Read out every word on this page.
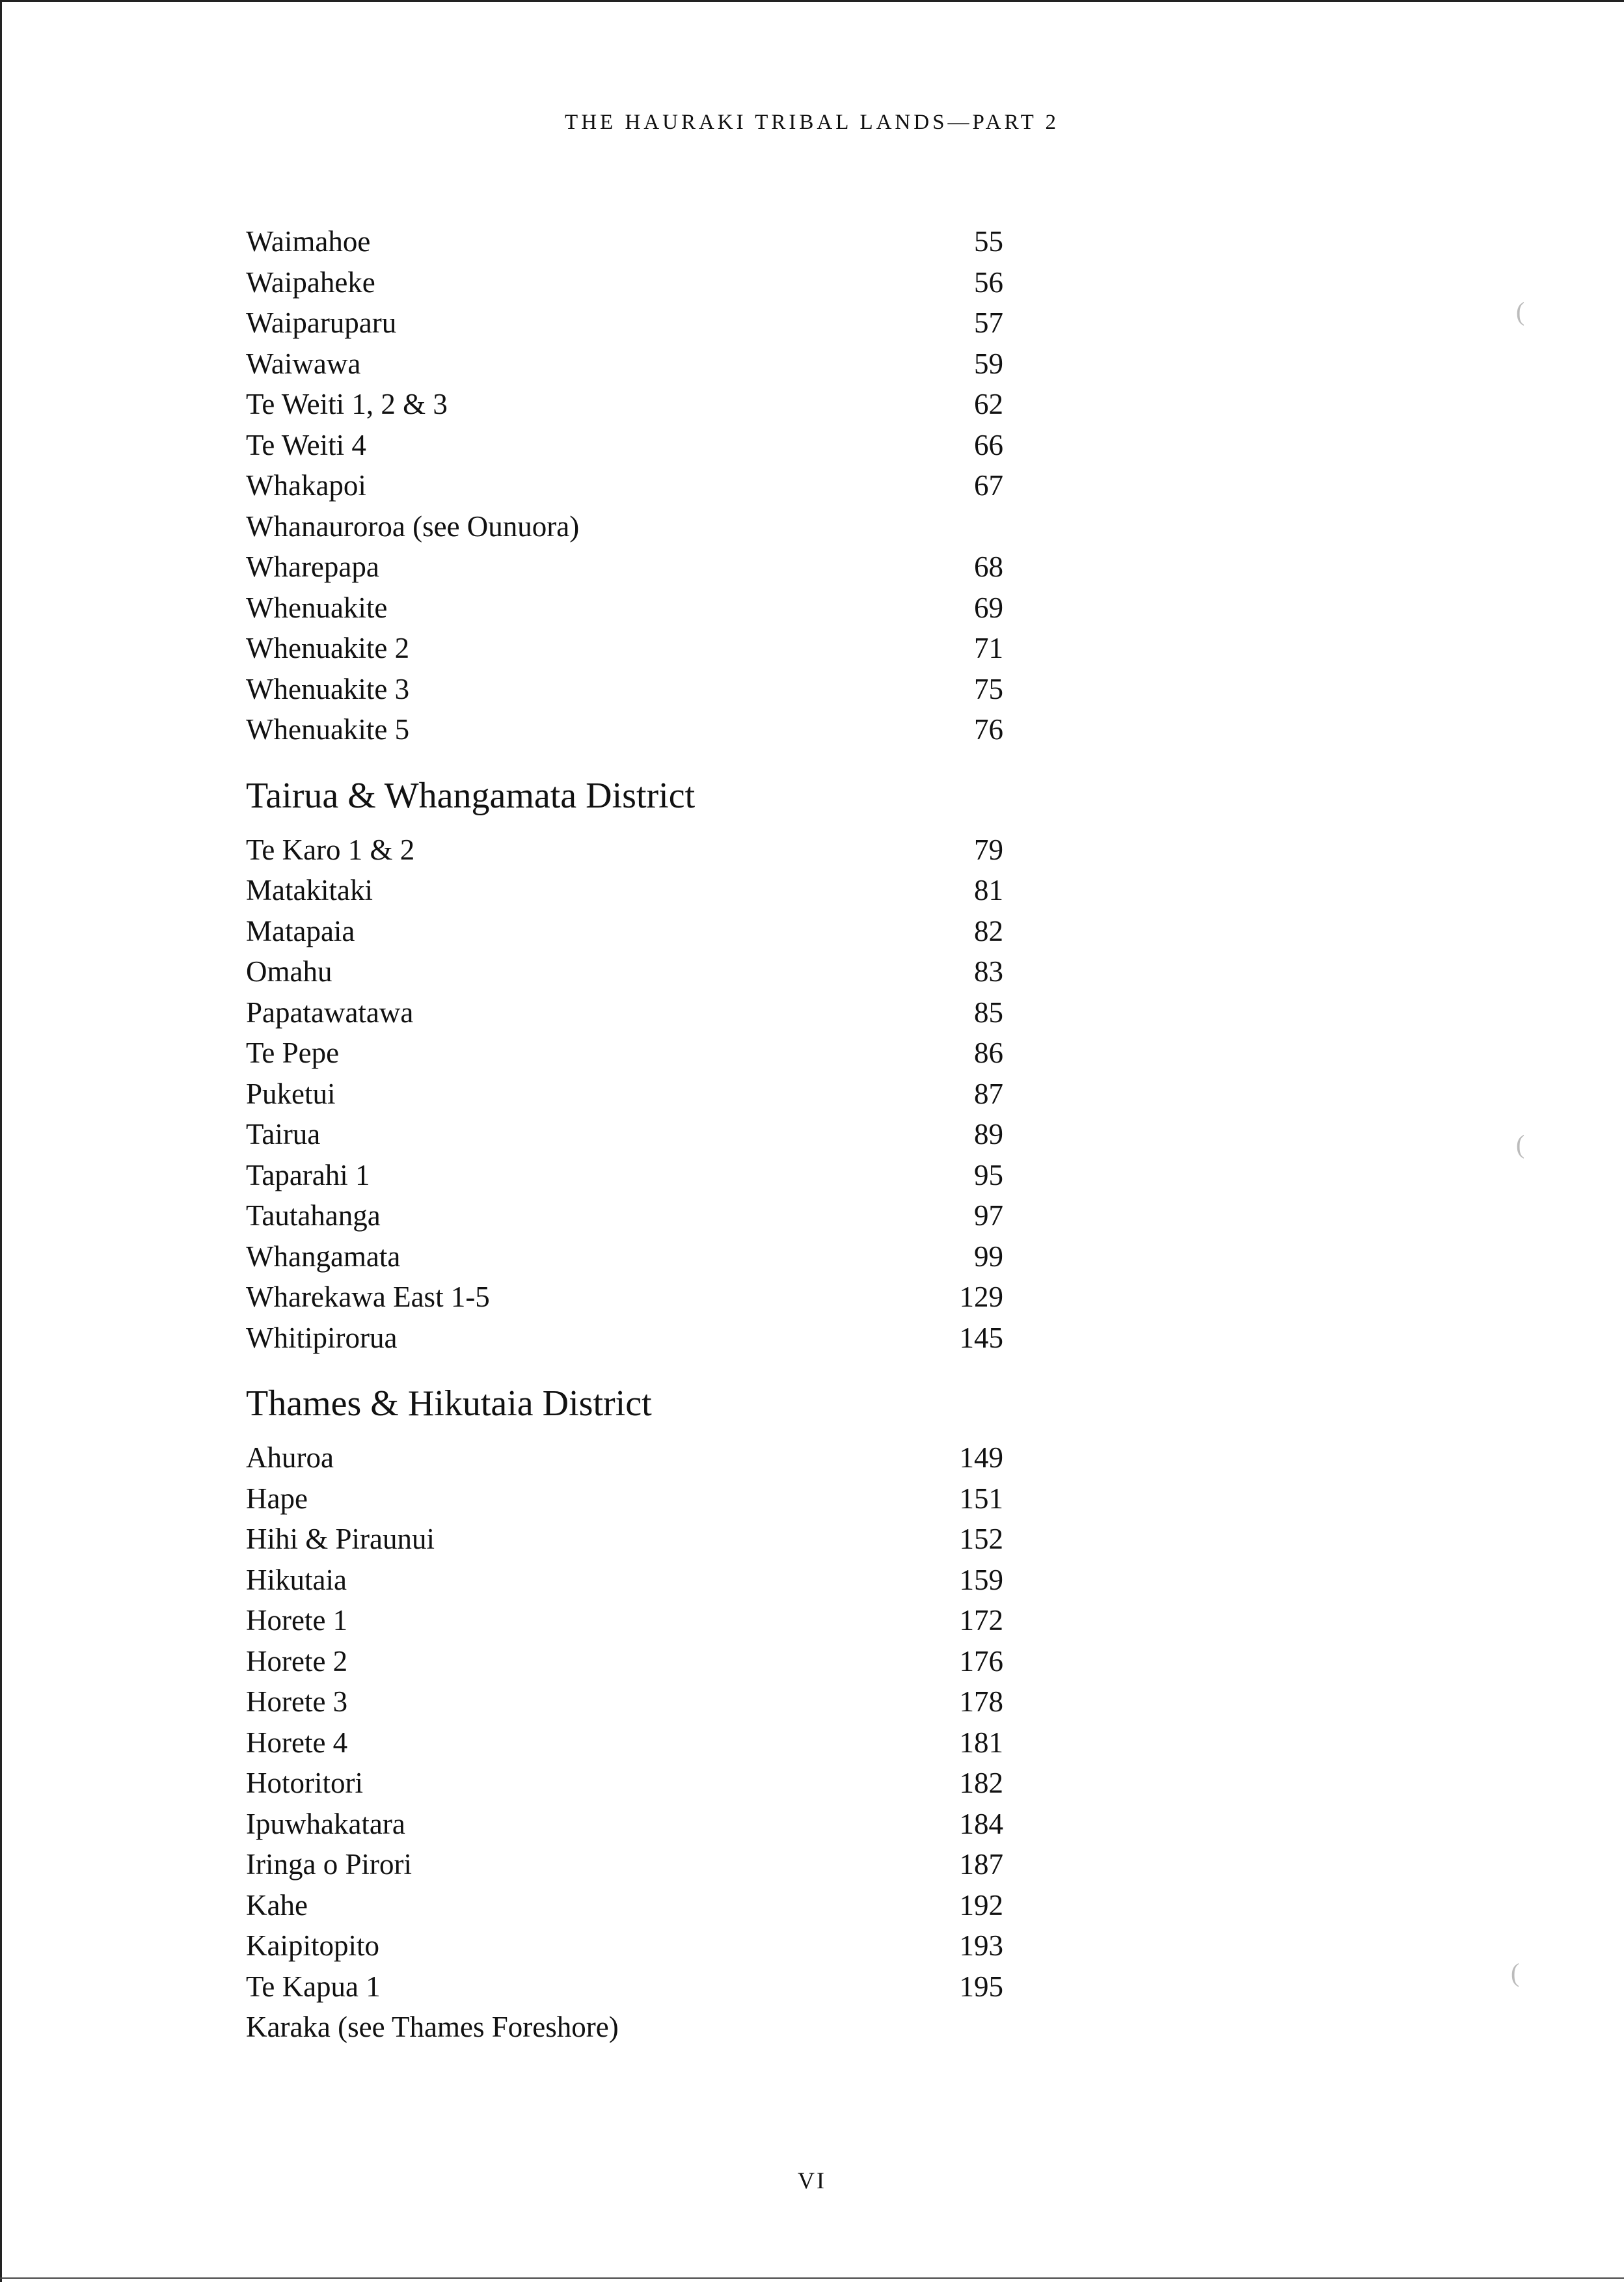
THE HAURAKI TRIBAL LANDS—PART 2
Waimahoe	55
Waipaheke	56
Waiparuparu	57
Waiwawa	59
Te Weiti 1, 2 & 3	62
Te Weiti 4	66
Whakapoi	67
Whanauroroa (see Ounuora)
Wharepapa	68
Whenuakite	69
Whenuakite 2	71
Whenuakite 3	75
Whenuakite 5	76
Tairua & Whangamata District
Te Karo 1 & 2	79
Matakitaki	81
Matapaia	82
Omahu	83
Papatawatawa	85
Te Pepe	86
Puketui	87
Tairua	89
Taparahi 1	95
Tautahanga	97
Whangamata	99
Wharekawa East 1-5	129
Whitipirorua	145
Thames & Hikutaia District
Ahuroa	149
Hape	151
Hihi & Piraunui	152
Hikutaia	159
Horete 1	172
Horete 2	176
Horete 3	178
Horete 4	181
Hotoritori	182
Ipuwhakatara	184
Iringa o Pirori	187
Kahe	192
Kaipitopito	193
Te Kapua 1	195
Karaka (see Thames Foreshore)
VI
(
(
(
